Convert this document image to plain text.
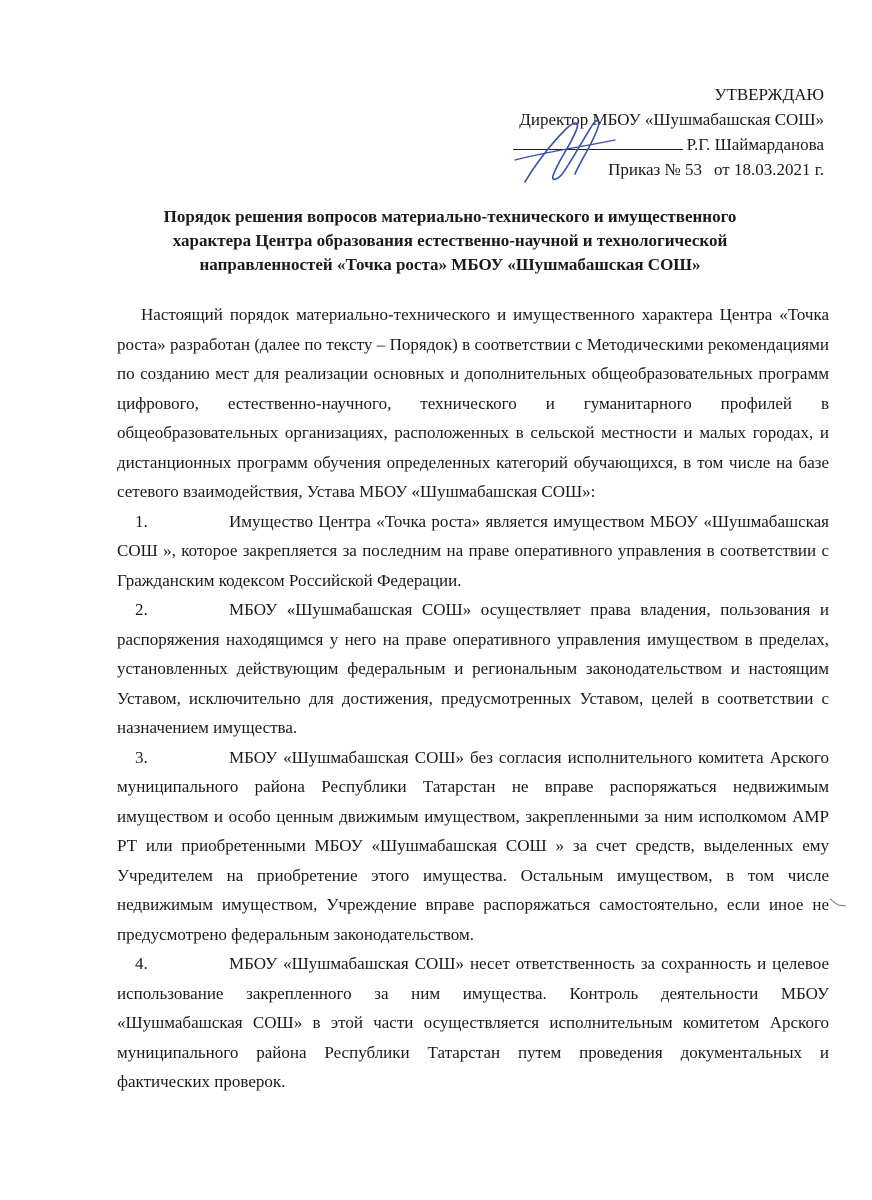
УТВЕРЖДАЮ
Директор МБОУ «Шушмабашская СОШ»
Р.Г. Шаймарданова
Приказ № 53 от 18.03.2021 г.
Порядок решения вопросов материально-технического и имущественного
характера Центра образования естественно-научной и технологической
направленностей «Точка роста» МБОУ «Шушмабашская СОШ»

Настоящий порядок материально-технического и имущественного характера Центра «Точка роста» разработан (далее по тексту – Порядок) в соответствии с Методическими рекомендациями по созданию мест для реализации основных и дополнительных общеобразовательных программ цифрового, естественно-научного, технического и гуманитарного профилей в общеобразовательных организациях, расположенных в сельской местности и малых городах, и дистанционных программ обучения определенных категорий обучающихся, в том числе на базе сетевого взаимодействия, Устава МБОУ «Шушмабашская СОШ»:

1.	Имущество Центра «Точка роста» является имуществом МБОУ «Шушмабашская СОШ », которое закрепляется за последним на праве оперативного управления в соответствии с Гражданским кодексом Российской Федерации.

2.	МБОУ «Шушмабашская СОШ» осуществляет права владения, пользования и распоряжения находящимся у него на праве оперативного управления имуществом в пределах, установленных действующим федеральным и региональным законодательством и настоящим Уставом, исключительно для достижения, предусмотренных Уставом, целей в соответствии с назначением имущества.

3.	МБОУ «Шушмабашская СОШ» без согласия исполнительного комитета Арского муниципального района Республики Татарстан не вправе распоряжаться недвижимым имуществом и особо ценным движимым имуществом, закрепленными за ним исполкомом АМР РТ или приобретенными МБОУ «Шушмабашская СОШ » за счет средств, выделенных ему Учредителем на приобретение этого имущества. Остальным имуществом, в том числе недвижимым имуществом, Учреждение вправе распоряжаться самостоятельно, если иное не предусмотрено федеральным законодательством.

4.	МБОУ «Шушмабашская СОШ» несет ответственность за сохранность и целевое использование закрепленного за ним имущества. Контроль деятельности МБОУ «Шушмабашская СОШ» в этой части осуществляется исполнительным комитетом Арского муниципального района Республики Татарстан путем проведения документальных и фактических проверок.
